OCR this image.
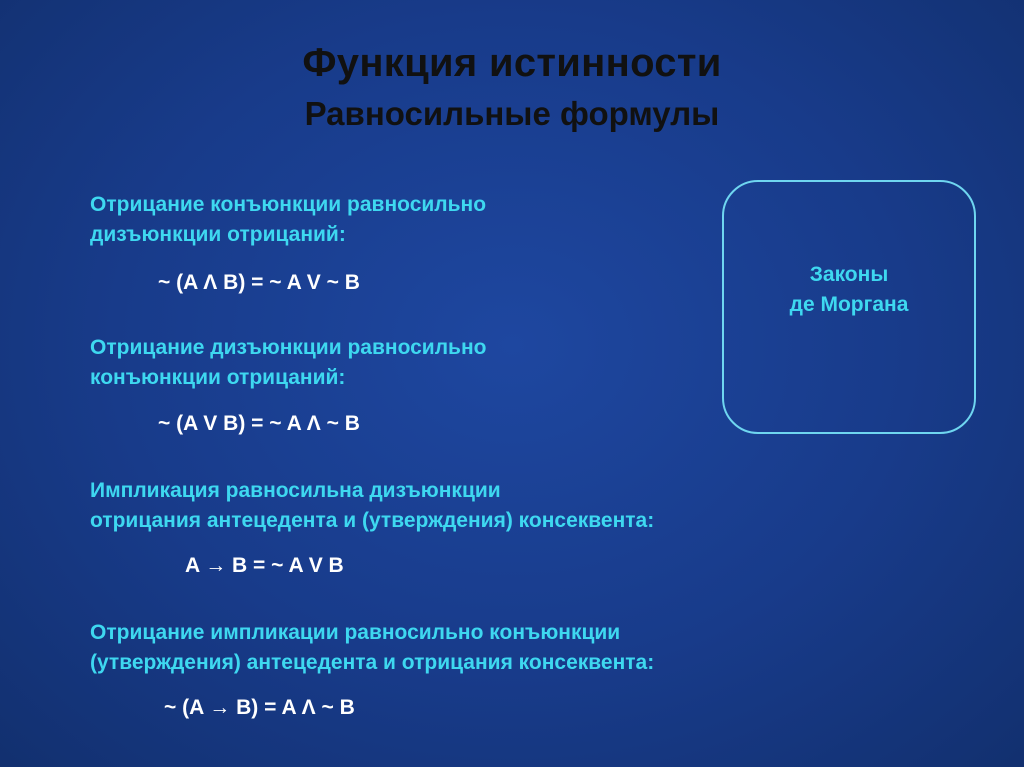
Функция истинности
Равносильные формулы
Отрицание конъюнкции равносильно
дизъюнкции отрицаний:
~ (A Λ B) = ~ A V ~ B
Отрицание дизъюнкции равносильно
конъюнкции отрицаний:
~ (A V B) = ~ A Λ ~ B
Импликация равносильна дизъюнкции
отрицания антецедента и (утверждения) консеквента:
A → B = ~ A V B
Отрицание импликации равносильно конъюнкции
(утверждения) антецедента и отрицания консеквента:
~ (A → B) = A Λ ~ B
Законы
де Моргана
